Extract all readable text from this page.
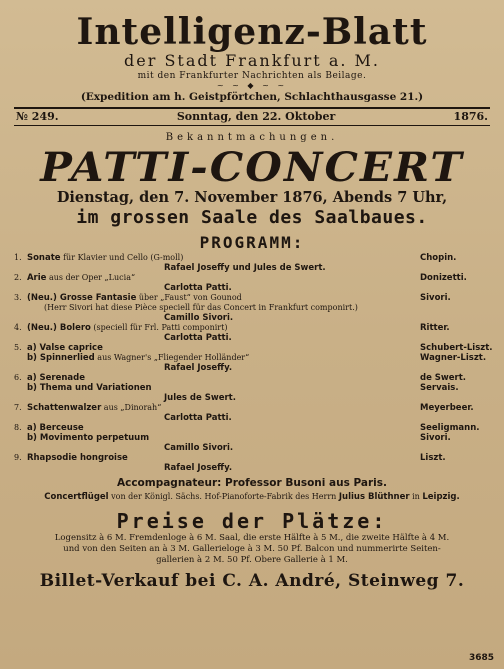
Intelligenz-Blatt
der Stadt Frankfurt a. M.
mit den Frankfurter Nachrichten als Beilage.
~ ~ ◆ ~ ~
(Expedition am h. Geistpförtchen, Schlachthausgasse 21.)
№ 249.	Sonntag, den 22. Oktober	1876.
Bekanntmachungen.
PATTI-CONCERT
Dienstag, den 7. November 1876, Abends 7 Uhr,
im grossen Saale des Saalbaues.
PROGRAMM:
1. Sonate für Klavier und Cello (G-moll)	Chopin.
Rafael Joseffy und Jules de Swert.
2. Arie aus der Oper „Lucia“	Donizetti.
Carlotta Patti.
3. (Neu.) Grosse Fantasie über „Faust“ von Gounod	Sivori.
(Herr Sivori hat diese Pièce speciell für das Concert in Frankfurt componirt.)
Camillo Sivori.
4. (Neu.) Bolero (speciell für Frl. Patti componirt)	Ritter.
Carlotta Patti.
5. a) Valse caprice	Schubert-Liszt.
b) Spinnerlied aus Wagner's „Fliegender Holländer“	Wagner-Liszt.
Rafael Joseffy.
6. a) Serenade	de Swert.
b) Thema und Variationen	Servais.
Jules de Swert.
7. Schattenwalzer aus „Dinorah“	Meyerbeer.
Carlotta Patti.
8. a) Berceuse	Seeligmann.
b) Movimento perpetuum	Sivori.
Camillo Sivori.
9. Rhapsodie hongroise	Liszt.
Rafael Joseffy.
Accompagnateur: Professor Busoni aus Paris.
Concertflügel von der Königl. Sächs. Hof-Pianoforte-Fabrik des Herrn Julius Blüthner in Leipzig.
Preise der Plätze:
Logensitz à 6 M. Fremdenloge à 6 M. Saal, die erste Hälfte à 5 M., die zweite Hälfte à 4 M.
und von den Seiten an à 3 M. Gallerieloge à 3 M. 50 Pf. Balcon und nummerirte Seiten-
gallerien à 2 M. 50 Pf. Obere Gallerie à 1 M.
Billet-Verkauf bei C. A. André, Steinweg 7.
3685
